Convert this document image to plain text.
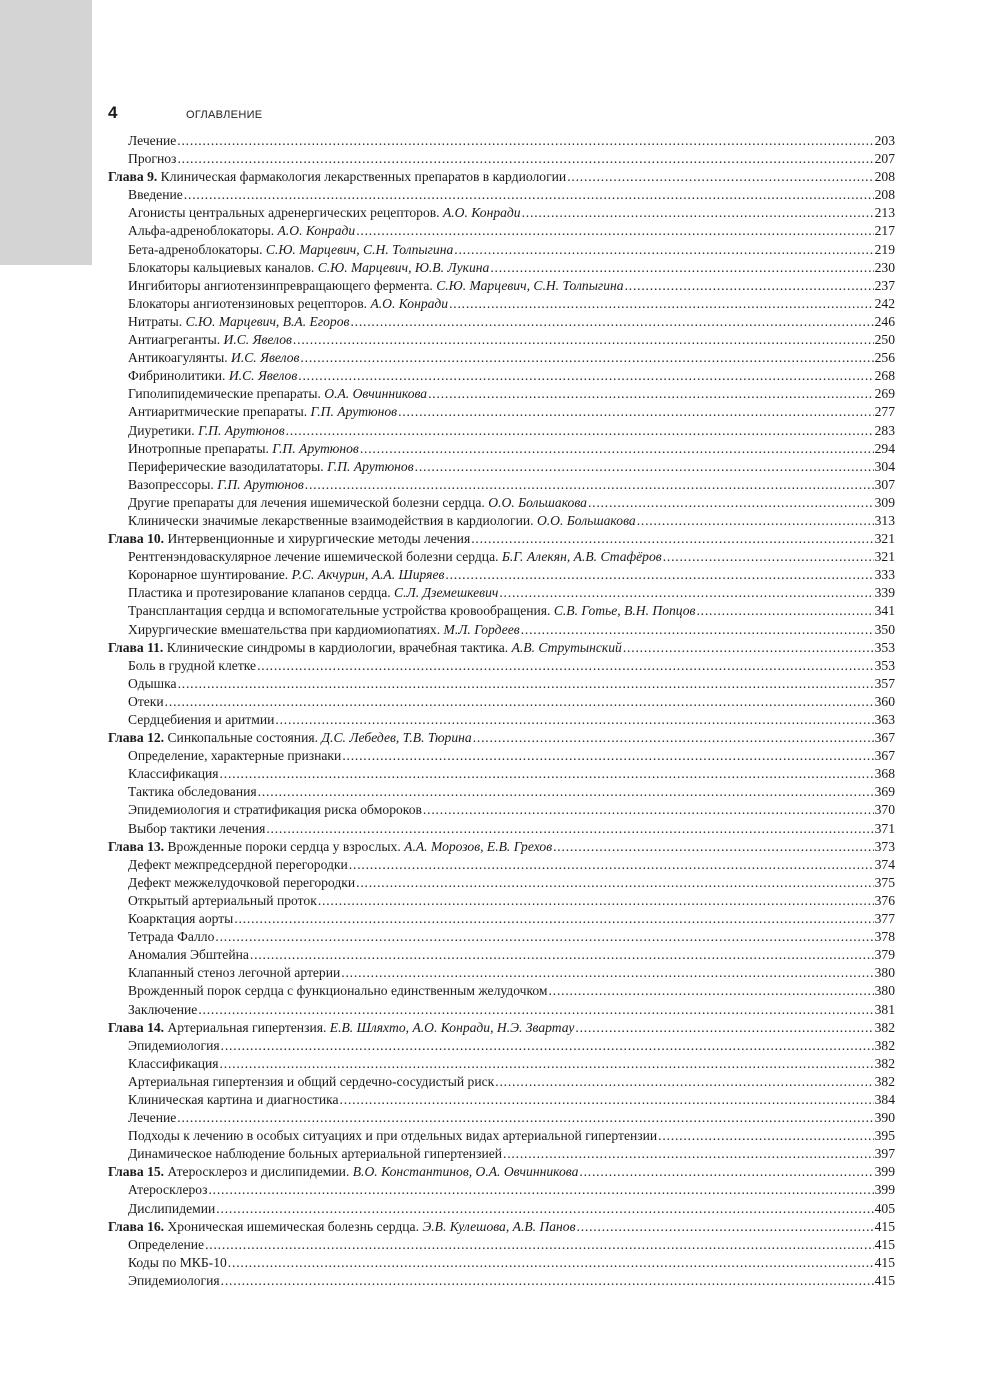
4	ОГЛАВЛЕНИЕ
Лечение . . .	203
Прогноз . . .	207
Глава 9. Клиническая фармакология лекарственных препаратов в кардиологии . . .	208
Введение . . .	208
Агонисты центральных адренергических рецепторов. А.О. Конради . . .	213
Альфа-адреноблокаторы. А.О. Конради . . .	217
Бета-адреноблокаторы. С.Ю. Марцевич, С.Н. Толпыгина . . .	219
Блокаторы кальциевых каналов. С.Ю. Марцевич, Ю.В. Лукина . . .	230
Ингибиторы ангиотензинпревращающего фермента. С.Ю. Марцевич, С.Н. Толпыгина . . .	237
Блокаторы ангиотензиновых рецепторов. А.О. Конради . . .	242
Нитраты. С.Ю. Марцевич, В.А. Егоров . . .	246
Антиагреганты. И.С. Явелов . . .	250
Антикоагулянты. И.С. Явелов . . .	256
Фибринолитики. И.С. Явелов . . .	268
Гиполипидемические препараты. О.А. Овчинникова . . .	269
Антиаритмические препараты. Г.П. Арутюнов . . .	277
Диуретики. Г.П. Арутюнов . . .	283
Инотропные препараты. Г.П. Арутюнов . . .	294
Периферические вазодилататоры. Г.П. Арутюнов . . .	304
Вазопрессоры. Г.П. Арутюнов . . .	307
Другие препараты для лечения ишемической болезни сердца. О.О. Большакова . . .	309
Клинически значимые лекарственные взаимодействия в кардиологии. О.О. Большакова . . .	313
Глава 10. Интервенционные и хирургические методы лечения . . .	321
Рентгенэндоваскулярное лечение ишемической болезни сердца. Б.Г. Алекян, А.В. Стафёров . . .	321
Коронарное шунтирование. Р.С. Акчурин, А.А. Ширяев . . .	333
Пластика и протезирование клапанов сердца. С.Л. Дземешкевич . . .	339
Трансплантация сердца и вспомогательные устройства кровообращения. С.В. Готье, В.Н. Попцов . . .	341
Хирургические вмешательства при кардиомиопатиях. М.Л. Гордеев . . .	350
Глава 11. Клинические синдромы в кардиологии, врачебная тактика. А.В. Струтынский . . .	353
Боль в грудной клетке . . .	353
Одышка . . .	357
Отеки . . .	360
Сердцебиения и аритмии . . .	363
Глава 12. Синкопальные состояния. Д.С. Лебедев, Т.В. Тюрина . . .	367
Определение, характерные признаки . . .	367
Классификация . . .	368
Тактика обследования . . .	369
Эпидемиология и стратификация риска обмороков . . .	370
Выбор тактики лечения . . .	371
Глава 13. Врожденные пороки сердца у взрослых. А.А. Морозов, Е.В. Грехов . . .	373
Дефект межпредсердной перегородки . . .	374
Дефект межжелудочковой перегородки . . .	375
Открытый артериальный проток . . .	376
Коарктация аорты . . .	377
Тетрада Фалло . . .	378
Аномалия Эбштейна . . .	379
Клапанный стеноз легочной артерии . . .	380
Врожденный порок сердца с функционально единственным желудочком . . .	380
Заключение . . .	381
Глава 14. Артериальная гипертензия. Е.В. Шляхто, А.О. Конради, Н.Э. Звартау . . .	382
Эпидемиология . . .	382
Классификация . . .	382
Артериальная гипертензия и общий сердечно-сосудистый риск . . .	382
Клиническая картина и диагностика . . .	384
Лечение . . .	390
Подходы к лечению в особых ситуациях и при отдельных видах артериальной гипертензии . . .	395
Динамическое наблюдение больных артериальной гипертензией . . .	397
Глава 15. Атеросклероз и дислипидемии. В.О. Константинов, О.А. Овчинникова . . .	399
Атеросклероз . . .	399
Дислипидемии . . .	405
Глава 16. Хроническая ишемическая болезнь сердца. Э.В. Кулешова, А.В. Панов . . .	415
Определение . . .	415
Коды по МКБ-10 . . .	415
Эпидемиология . . .	415
